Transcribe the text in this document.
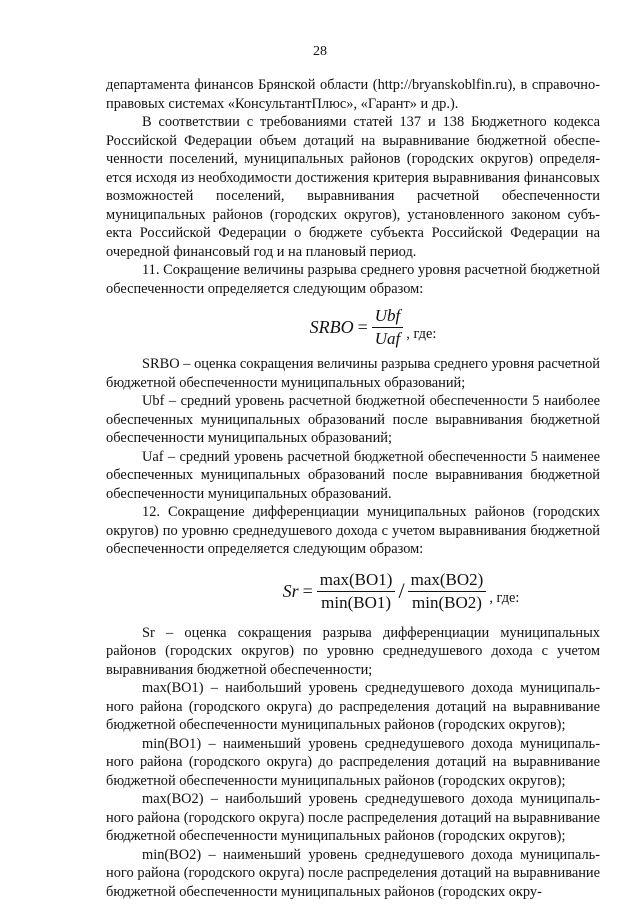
28

департамента финансов Брянской области (http://bryanskoblfin.ru), в справочно-правовых системах «КонсультантПлюс», «Гарант» и др.).

В соответствии с требованиями статей 137 и 138 Бюджетного кодекса Российской Федерации объем дотаций на выравнивание бюджетной обеспеченности поселений, муниципальных районов (городских округов) определяется исходя из необходимости достижения критерия выравнивания финансовых возможностей поселений, выравнивания расчетной обеспеченности муниципальных районов (городских округов), установленного законом субъекта Российской Федерации о бюджете субъекта Российской Федерации на очередной финансовый год и на плановый период.

11. Сокращение величины разрыва среднего уровня расчетной бюджетной обеспеченности определяется следующим образом:

SRBO = $\frac{\text{Ubf}}{\text{Uaf}}$ , где:

SRBO – оценка сокращения величины разрыва среднего уровня расчетной бюджетной обеспеченности муниципальных образований;

Ubf – средний уровень расчетной бюджетной обеспеченности 5 наиболее обеспеченных муниципальных образований после выравнивания бюджетной обеспеченности муниципальных образований;

Uaf – средний уровень расчетной бюджетной обеспеченности 5 наименее обеспеченных муниципальных образований после выравнивания бюджетной обеспеченности муниципальных образований.

12. Сокращение дифференциации муниципальных районов (городских округов) по уровню среднедушевого дохода с учетом выравнивания бюджетной обеспеченности определяется следующим образом:

$Sr = \frac{\max(BO1)}{\min(BO1)} / \frac{\max(BO2)}{\min(BO2)}$ , где:

Sr – оценка сокращения разрыва дифференциации муниципальных районов (городских округов) по уровню среднедушевого дохода с учетом выравнивания бюджетной обеспеченности;

max(ВО1) – наибольший уровень среднедушевого дохода муниципального района (городского округа) до распределения дотаций на выравнивание бюджетной обеспеченности муниципальных районов (городских округов);

min(ВО1) – наименьший уровень среднедушевого дохода муниципального района (городского округа) до распределения дотаций на выравнивание бюджетной обеспеченности муниципальных районов (городских округов);

max(ВО2) – наибольший уровень среднедушевого дохода муниципального района (городского округа) после распределения дотаций на выравнивание бюджетной обеспеченности муниципальных районов (городских округов);

min(ВО2) – наименьший уровень среднедушевого дохода муниципального района (городского округа) после распределения дотаций на выравнивание бюджетной обеспеченности муниципальных районов (городских окру-
